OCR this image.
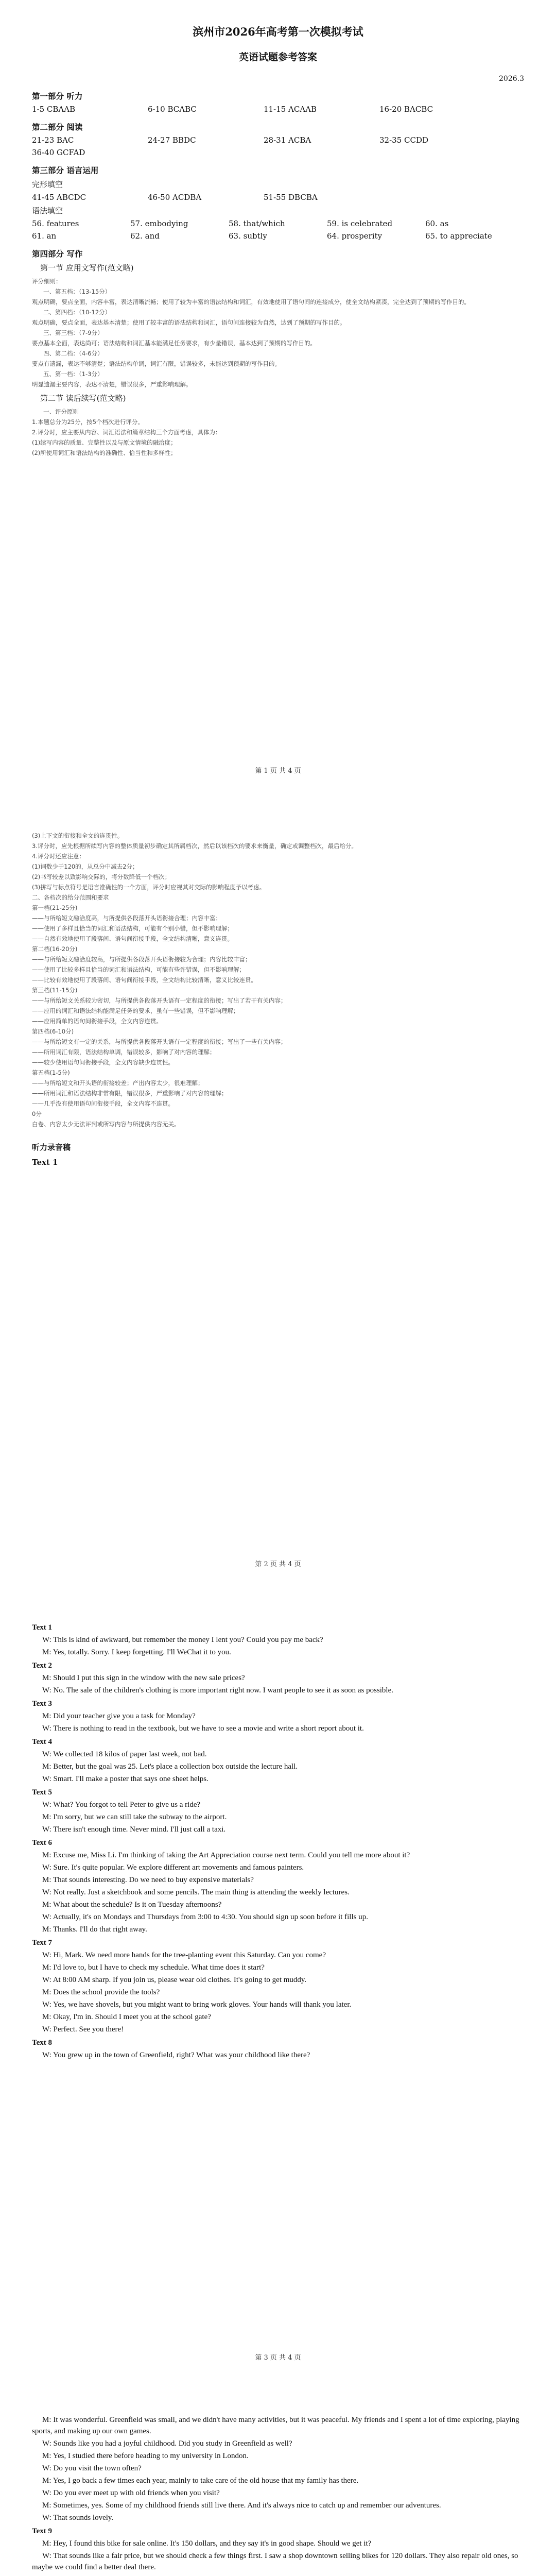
滨州市2026年高考第一次模拟考试
英语试题参考答案
2026.3
第一部分 听力
1-5 CBAAB	6-10 BCABC	11-15 ACAAB	16-20 BACBC
第二部分 阅读
21-23 BAC	24-27 BBDC	28-31 ACBA	32-35 CCDD
36-40 GCFAD
第三部分 语言运用
完形填空
41-45 ABCDC	46-50 ACDBA	51-55 DBCBA
语法填空
56. features	57. embodying	58. that/which	59. is celebrated	60. as
61. an	62. and	63. subtly	64. prosperity	65. to appreciate
第四部分 写作
第一节 应用文写作(范文略)
评分细则：
一、第五档：（13-15分）
观点明确，要点全面，内容丰富，表达清晰流畅；使用了较为丰富的语法结构和词汇，有效地使用了语句间的连接成分，使全文结构紧凑，完全达到了预期的写作目的。
二、第四档：（10-12分）
观点明确，要点全面，表达基本清楚；使用了较丰富的语法结构和词汇，语句间连接较为自然，达到了预期的写作目的。
三、第三档：（7-9分）
要点基本全面，表达尚可；语法结构和词汇基本能满足任务要求，有少量错误，基本达到了预期的写作目的。
四、第二档：（4-6分）
要点有遗漏，表达不够清楚；语法结构单调，词汇有限，错误较多，未能达到预期的写作目的。
五、第一档：（1-3分）
明显遗漏主要内容，表达不清楚，错误很多，严重影响理解。
第二节 读后续写(范文略)
一、评分原则
1.本题总分为25分，按5个档次进行评分。
2.评分时，应主要从内容、词汇语法和篇章结构三个方面考虑，具体为：
(1)续写内容的质量、完整性以及与原文情境的融洽度；
(2)所使用词汇和语法结构的准确性、恰当性和多样性；
第 1 页 共 4 页
(3)上下文的衔接和全文的连贯性。
3.评分时，应先根据所续写内容的整体质量初步确定其所属档次，然后以该档次的要求来衡量，确定或调整档次，最后给分。
4.评分时还应注意：
(1)词数少于120的，从总分中减去2分；
(2)书写较差以致影响交际的，将分数降低一个档次；
(3)拼写与标点符号是语言准确性的一个方面，评分时应视其对交际的影响程度予以考虑。
二、各档次的给分范围和要求
第一档(21-25分)
——与所给短文融洽度高，与所提供各段落开头语衔接合理；内容丰富；
——使用了多样且恰当的词汇和语法结构，可能有个别小错，但不影响理解；
——自然有效地使用了段落间、语句间衔接手段，全文结构清晰，意义连贯。
第二档(16-20分)
——与所给短文融洽度较高，与所提供各段落开头语衔接较为合理；内容比较丰富；
——使用了比较多样且恰当的词汇和语法结构，可能有些许错误，但不影响理解；
——比较有效地使用了段落间、语句间衔接手段，全文结构比较清晰，意义比较连贯。
第三档(11-15分)
——与所给短文关系较为密切，与所提供各段落开头语有一定程度的衔接；写出了若干有关内容；
——应用的词汇和语法结构能满足任务的要求，虽有一些错误，但不影响理解；
——应用简单的语句间衔接手段，全文内容连贯。
第四档(6-10分)
——与所给短文有一定的关系，与所提供各段落开头语有一定程度的衔接；写出了一些有关内容；
——所用词汇有限，语法结构单调，错误较多，影响了对内容的理解；
——较少使用语句间衔接手段，全文内容缺少连贯性。
第五档(1-5分)
——与所给短文和开头语的衔接较差；产出内容太少，很难理解；
——所用词汇和语法结构非常有限，错误很多，严重影响了对内容的理解；
——几乎没有使用语句间衔接手段，全文内容不连贯。
0分
白卷、内容太少无法评判或所写内容与所提供内容无关。
听力录音稿
Text 1
第 2 页 共 4 页
Text 1
W: This is kind of awkward, but remember the money I lent you? Could you pay me back?
M: Yes, totally. Sorry. I keep forgetting. I'll WeChat it to you.
Text 2
M: Should I put this sign in the window with the new sale prices?
W: No. The sale of the children's clothing is more important right now. I want people to see it as soon as possible.
Text 3
M: Did your teacher give you a task for Monday?
W: There is nothing to read in the textbook, but we have to see a movie and write a short report about it.
Text 4
W: We collected 18 kilos of paper last week, not bad.
M: Better, but the goal was 25. Let's place a collection box outside the lecture hall.
W: Smart. I'll make a poster that says one sheet helps.
Text 5
W: What? You forgot to tell Peter to give us a ride?
M: I'm sorry, but we can still take the subway to the airport.
W: There isn't enough time. Never mind. I'll just call a taxi.
Text 6
M: Excuse me, Miss Li. I'm thinking of taking the Art Appreciation course next term. Could you tell me more about it?
W: Sure. It's quite popular. We explore different art movements and famous painters.
M: That sounds interesting. Do we need to buy expensive materials?
W: Not really. Just a sketchbook and some pencils. The main thing is attending the weekly lectures.
M: What about the schedule? Is it on Tuesday afternoons?
W: Actually, it's on Mondays and Thursdays from 3:00 to 4:30. You should sign up soon before it fills up.
M: Thanks. I'll do that right away.
Text 7
W: Hi, Mark. We need more hands for the tree-planting event this Saturday. Can you come?
M: I'd love to, but I have to check my schedule. What time does it start?
W: At 8:00 AM sharp. If you join us, please wear old clothes. It's going to get muddy.
M: Does the school provide the tools?
W: Yes, we have shovels, but you might want to bring work gloves. Your hands will thank you later.
M: Okay, I'm in. Should I meet you at the school gate?
W: Perfect. See you there!
Text 8
W: You grew up in the town of Greenfield, right? What was your childhood like there?
第 3 页 共 4 页
M: It was wonderful. Greenfield was small, and we didn't have many activities, but it was peaceful. My friends and I spent a lot of time exploring, playing sports, and making up our own games.
W: Sounds like you had a joyful childhood. Did you study in Greenfield as well?
M: Yes, I studied there before heading to my university in London.
W: Do you visit the town often?
M: Yes, I go back a few times each year, mainly to take care of the old house that my family has there.
W: Do you ever meet up with old friends when you visit?
M: Sometimes, yes. Some of my childhood friends still live there. And it's always nice to catch up and remember our adventures.
W: That sounds lovely.
Text 9
M: Hey, I found this bike for sale online. It's 150 dollars, and they say it's in good shape. Should we get it?
W: That sounds like a fair price, but we should check a few things first. I saw a shop downtown selling bikes for 120 dollars. They also repair old ones, so maybe we could find a better deal there.
